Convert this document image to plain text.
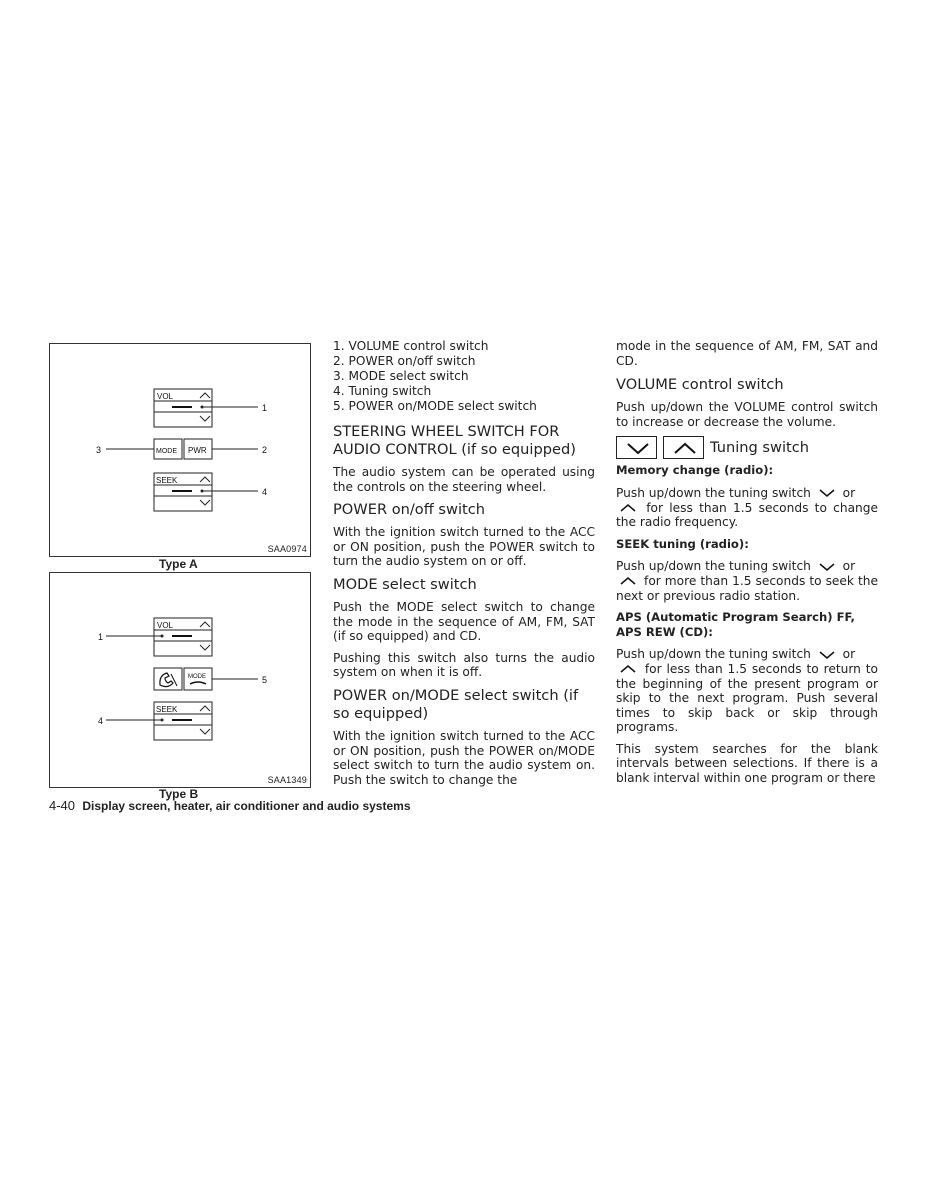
VOL
1
MODE PWR
3	2
SEEK
4
SAA0974
Type A
VOL
1
MODE	5
SEEK
4
SAA1349
Type B
1. VOLUME control switch
2. POWER on/off switch
3. MODE select switch
4. Tuning switch
5. POWER on/MODE select switch
STEERING WHEEL SWITCH FOR AUDIO CONTROL (if so equipped)

The audio system can be operated using the controls on the steering wheel.

POWER on/off switch

With the ignition switch turned to the ACC or ON position, push the POWER switch to turn the audio system on or off.

MODE select switch

Push the MODE select switch to change the mode in the sequence of AM, FM, SAT (if so equipped) and CD.

Pushing this switch also turns the audio system on when it is off.

POWER on/MODE select switch (if so equipped)

With the ignition switch turned to the ACC or ON position, push the POWER on/MODE select switch to turn the audio system on. Push the switch to change the

mode in the sequence of AM, FM, SAT and CD.

VOLUME control switch

Push up/down the VOLUME control switch to increase or decrease the volume.

Tuning switch
Memory change (radio):

Push up/down the tuning switch	or
for less than 1.5 seconds to change the radio frequency.

SEEK tuning (radio):

Push up/down the tuning switch	or
for more than 1.5 seconds to seek the next or previous radio station.

APS (Automatic Program Search) FF, APS REW (CD):

Push up/down the tuning switch	or
for less than 1.5 seconds to return to the beginning of the present program or skip to the next program. Push several times to skip back or skip through programs.

This system searches for the blank intervals between selections. If there is a blank interval within one program or there

4-40 Display screen, heater, air conditioner and audio systems
